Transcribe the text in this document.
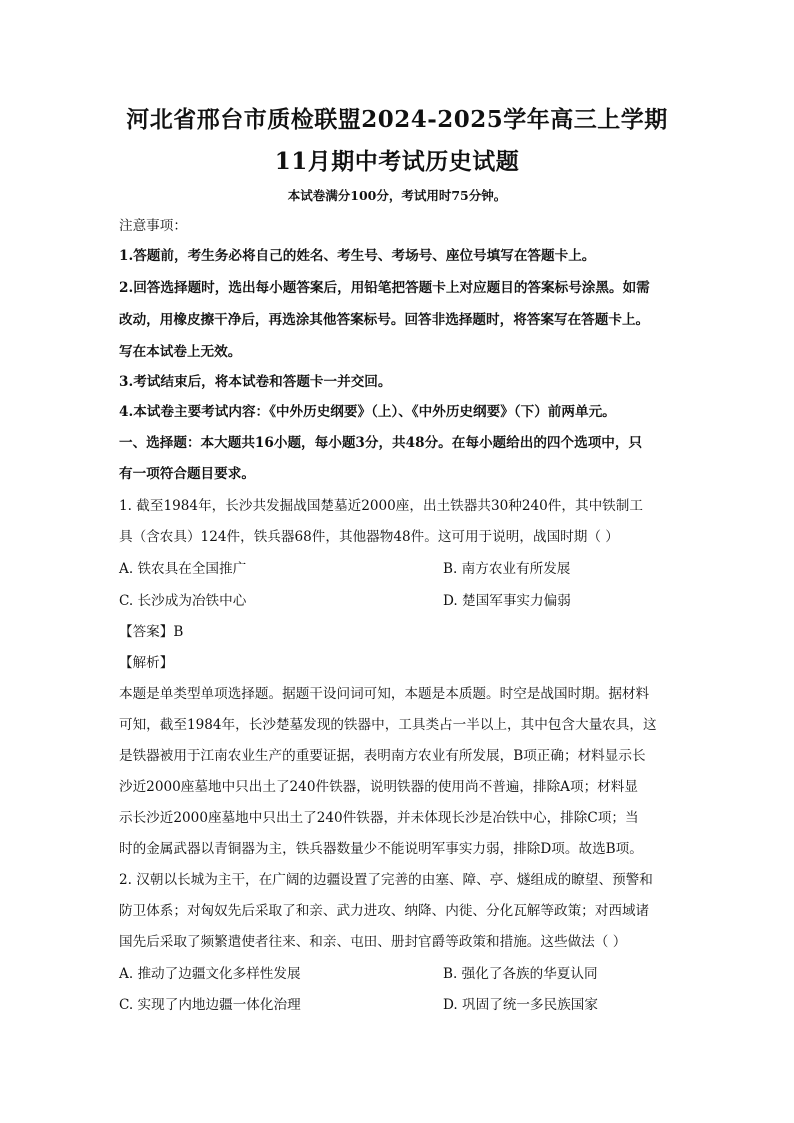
河北省邢台市质检联盟2024-2025学年高三上学期
11月期中考试历史试题
本试卷满分100分，考试用时75分钟。
注意事项：
1.答题前，考生务必将自己的姓名、考生号、考场号、座位号填写在答题卡上。
2.回答选择题时，选出每小题答案后，用铅笔把答题卡上对应题目的答案标号涂黑。如需
改动，用橡皮擦干净后，再选涂其他答案标号。回答非选择题时，将答案写在答题卡上。
写在本试卷上无效。
3.考试结束后，将本试卷和答题卡一并交回。
4.本试卷主要考试内容：《中外历史纲要》（上）、《中外历史纲要》（下）前两单元。
一、选择题：本大题共16小题，每小题3分，共48分。在每小题给出的四个选项中，只
有一项符合题目要求。
1. 截至1984年，长沙共发掘战国楚墓近2000座，出土铁器共30种240件，其中铁制工
具（含农具）124件，铁兵器68件，其他器物48件。这可用于说明，战国时期（ ）
A. 铁农具在全国推广	B. 南方农业有所发展
C. 长沙成为冶铁中心	D. 楚国军事实力偏弱
【答案】B
【解析】
本题是单类型单项选择题。据题干设问词可知，本题是本质题。时空是战国时期。据材料
可知，截至1984年，长沙楚墓发现的铁器中，工具类占一半以上，其中包含大量农具，这
是铁器被用于江南农业生产的重要证据，表明南方农业有所发展，B项正确；材料显示长
沙近2000座墓地中只出土了240件铁器，说明铁器的使用尚不普遍，排除A项；材料显
示长沙近2000座墓地中只出土了240件铁器，并未体现长沙是冶铁中心，排除C项；当
时的金属武器以青铜器为主，铁兵器数量少不能说明军事实力弱，排除D项。故选B项。
2. 汉朝以长城为主干，在广阔的边疆设置了完善的由塞、障、亭、燧组成的瞭望、预警和
防卫体系；对匈奴先后采取了和亲、武力进攻、纳降、内徙、分化瓦解等政策；对西域诸
国先后采取了频繁遣使者往来、和亲、屯田、册封官爵等政策和措施。这些做法（ ）
A. 推动了边疆文化多样性发展	B. 强化了各族的华夏认同
C. 实现了内地边疆一体化治理	D. 巩固了统一多民族国家
